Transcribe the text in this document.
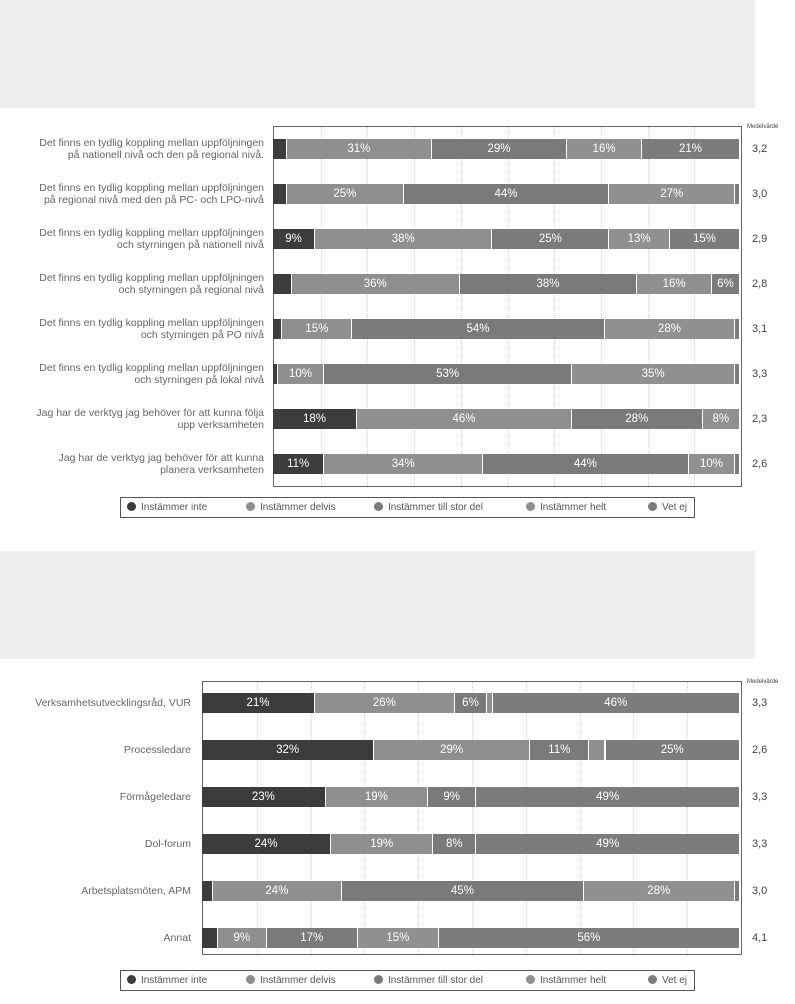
Medelvärde
Instämmer inte	Instämmer delvis	Instämmer till stor del	Instämmer helt	Vet ej
Det finns en tydlig koppling mellan uppföljningen
på nationell nivå och den på regional nivå.	31%	29%	16%	21%	3,2
Det finns en tydlig koppling mellan uppföljningen
på regional nivå med den på PC- och LPO-nivå	25%	44%	27%	3,0
Det finns en tydlig koppling mellan uppföljningen
och styrningen på nationell nivå	9%	38%	25%	13%	15%	2,9
Det finns en tydlig koppling mellan uppföljningen
och styrningen på regional nivå	36%	38%	16%	6%	2,8
Det finns en tydlig koppling mellan uppföljningen
och styrningen på PO nivå	15%	54%	28%	3,1
Det finns en tydlig koppling mellan uppföljningen
och styrningen på lokal nivå	10%	53%	35%	3,3
Jag har de verktyg jag behöver för att kunna följa
upp verksamheten	18%	46%	28%	8%	2,3
Jag har de verktyg jag behöver för att kunna
planera verksamheten	11%	34%	44%	10%	2,6
Medelvärde
Instämmer inte	Instämmer delvis	Instämmer till stor del	Instämmer helt	Vet ej
Verksamhetsutvecklingsråd, VUR	21%	26%	6%	46%	3,3
Processledare	32%	29%	11%	25%	2,6
Förmågeledare	23%	19%	9%	49%	3,3
Dol-forum	24%	19%	8%	49%	3,3
Arbetsplatsmöten, APM	24%	45%	28%	3,0
Annat	9%	17%	15%	56%	4,1
